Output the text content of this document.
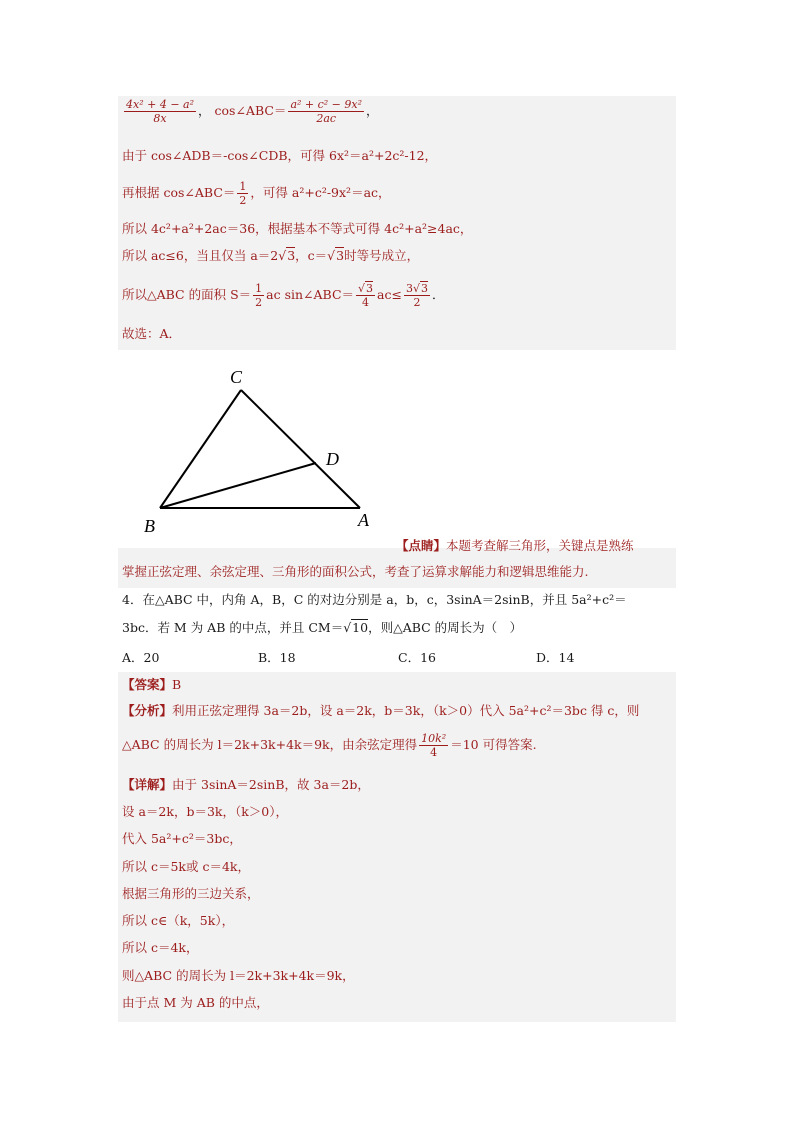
$\frac{\text{4x² + 4 − a²}}{8x}$ ， cos∠ABC＝ $\frac{\text{a² + c² − 9x²}}{2ac}$ ，
由于 cos∠ADB＝-cos∠CDB，可得 6x²＝a²+2c²-12，
再根据 cos∠ABC＝ $\frac{1}{2}$ ，可得 a²+c²-9x²＝ac，
所以 4c²+a²+2ac＝36，根据基本不等式可得 4c²+a²≥4ac，
所以 ac≤6，当且仅当 a＝2√3，c＝√3时等号成立，
所以△ABC 的面积 $S= \frac{1}{2}$ ac sin∠ABC＝ $\frac{√3}{4} ac\le \frac{3√3}{2}$ ．
故选：A．
C
D
B	A
【点睛】本题考查解三角形，关键点是熟练
掌握正弦定理、余弦定理、三角形的面积公式，考查了运算求解能力和逻辑思维能力.
4．在△ABC 中，内角 A，B，C 的对边分别是 a，b，c，3sinA＝2sinB，并且 5a²+c²＝
3bc．若 M 为 AB 的中点，并且 CM＝√10，则△ABC 的周长为（　）
A．20	B．18	C．16	D．14
【答案】B
【分析】利用正弦定理得 3a＝2b，设 a＝2k，b＝3k，（k＞0）代入 5a²+c²＝3bc 得 c，则
△ABC 的周长为 l＝2k+3k+4k＝9k，由余弦定理得 $\frac{\text{10k²}}{4} =10$ 可得答案.
【详解】由于 3sinA＝2sinB，故 3a＝2b，
设 a＝2k，b＝3k，（k＞0），
代入 5a²+c²＝3bc，
所以 c＝5k或 c＝4k，
根据三角形的三边关系，
所以 c∈（k，5k），
所以 c＝4k，
则△ABC 的周长为 l＝2k+3k+4k＝9k，
由于点 M 为 AB 的中点，
